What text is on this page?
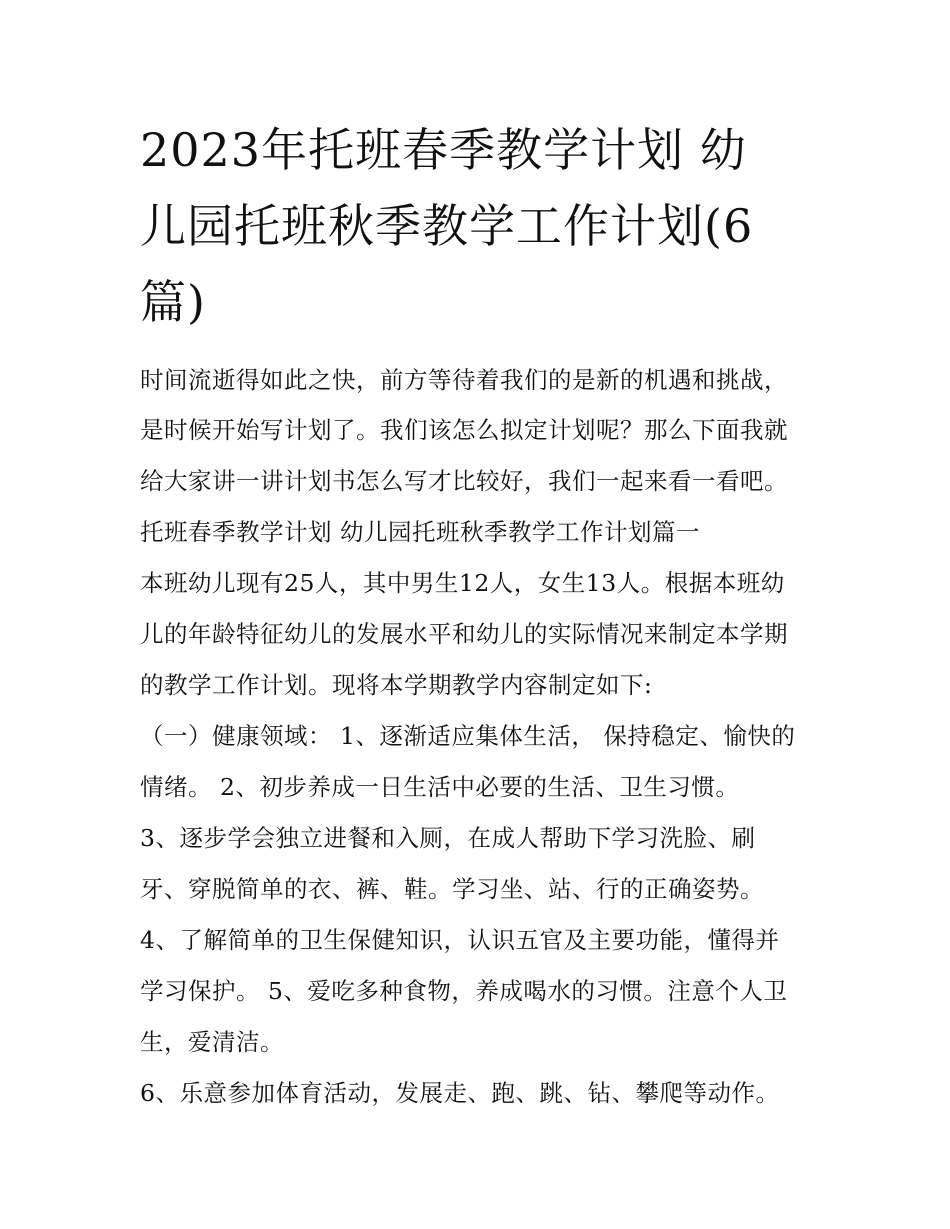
2023年托班春季教学计划 幼
儿园托班秋季教学工作计划(6
篇)
时间流逝得如此之快，前方等待着我们的是新的机遇和挑战，
是时候开始写计划了。我们该怎么拟定计划呢？那么下面我就
给大家讲一讲计划书怎么写才比较好，我们一起来看一看吧。
托班春季教学计划 幼儿园托班秋季教学工作计划篇一
本班幼儿现有25人，其中男生12人，女生13人。根据本班幼
儿的年龄特征幼儿的发展水平和幼儿的实际情况来制定本学期
的教学工作计划。现将本学期教学内容制定如下:
（一）健康领域： 1、逐渐适应集体生活， 保持稳定、愉快的
情绪。 2、初步养成一日生活中必要的生活、卫生习惯。
3、逐步学会独立进餐和入厕，在成人帮助下学习洗脸、刷
牙、穿脱简单的衣、裤、鞋。学习坐、站、行的正确姿势。
4、了解简单的卫生保健知识，认识五官及主要功能，懂得并
学习保护。 5、爱吃多种食物，养成喝水的习惯。注意个人卫
生，爱清洁。
6、乐意参加体育活动，发展走、跑、跳、钻、攀爬等动作。
